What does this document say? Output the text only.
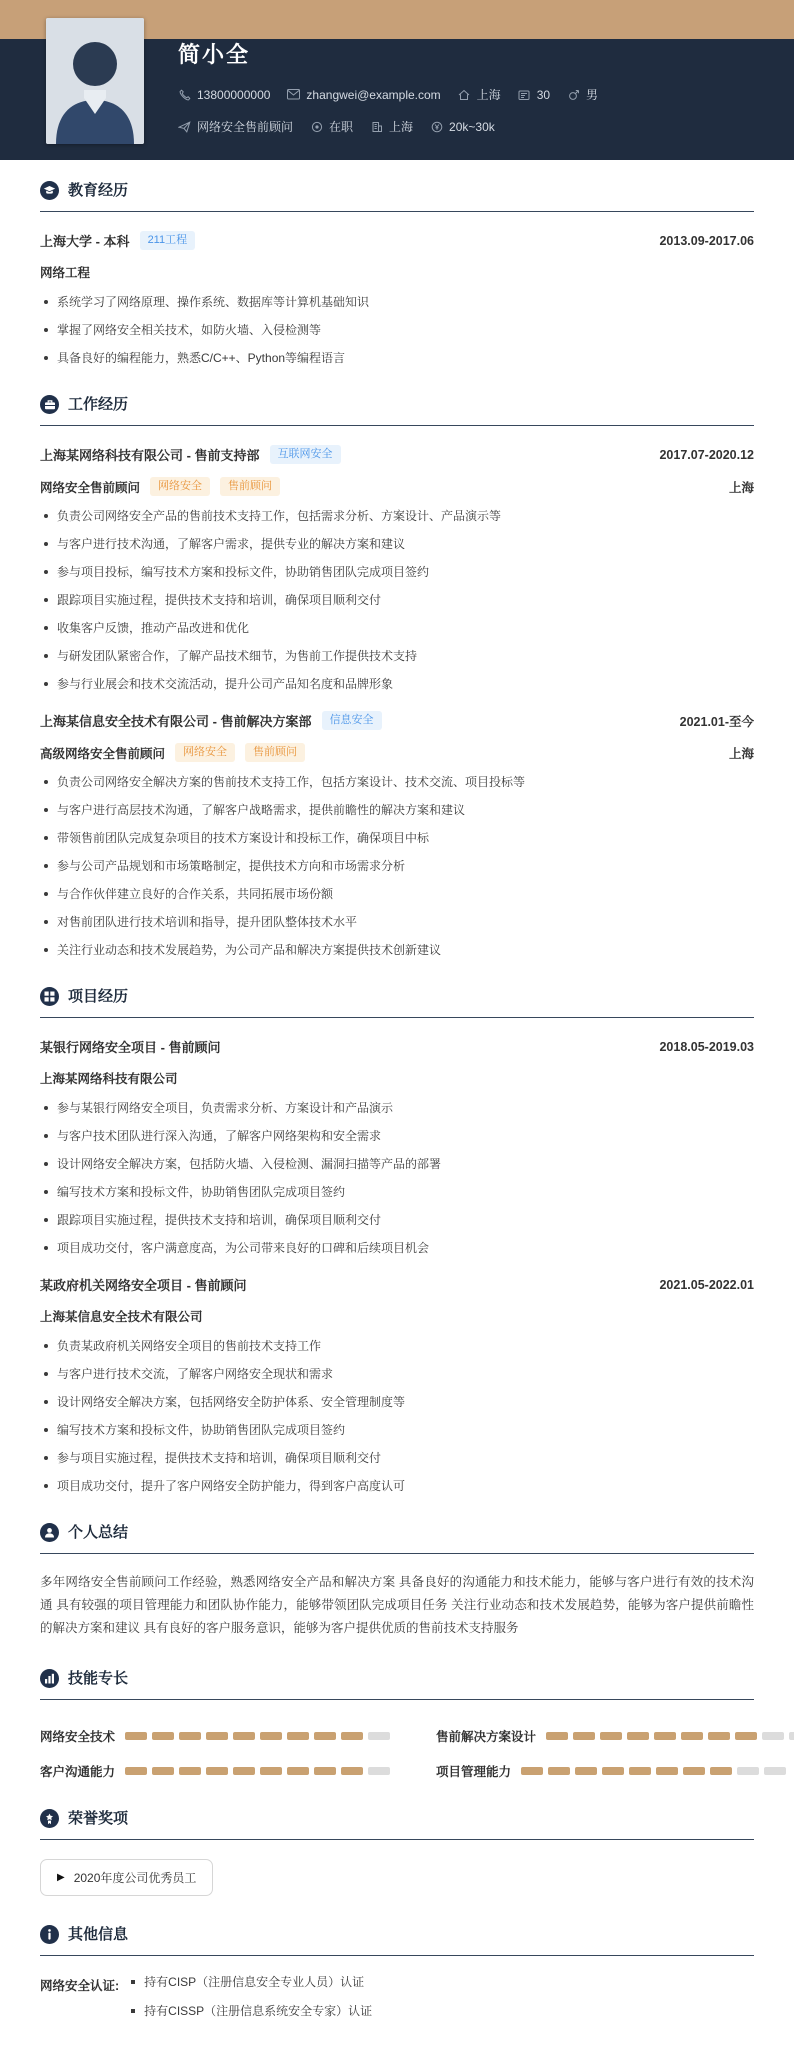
简小全
13800000000	zhangwei@example.com	上海	30	男
网络安全售前顾问	在职	上海	20k~30k
教育经历
上海大学 - 本科	211工程	2013.09-2017.06
网络工程
系统学习了网络原理、操作系统、数据库等计算机基础知识
掌握了网络安全相关技术，如防火墙、入侵检测等
具备良好的编程能力，熟悉C/C++、Python等编程语言
工作经历
上海某网络科技有限公司 - 售前支持部	互联网安全	2017.07-2020.12
网络安全售前顾问	网络安全	售前顾问	上海
负责公司网络安全产品的售前技术支持工作，包括需求分析、方案设计、产品演示等
与客户进行技术沟通，了解客户需求，提供专业的解决方案和建议
参与项目投标，编写技术方案和投标文件，协助销售团队完成项目签约
跟踪项目实施过程，提供技术支持和培训，确保项目顺利交付
收集客户反馈，推动产品改进和优化
与研发团队紧密合作，了解产品技术细节，为售前工作提供技术支持
参与行业展会和技术交流活动，提升公司产品知名度和品牌形象
上海某信息安全技术有限公司 - 售前解决方案部	信息安全	2021.01-至今
高级网络安全售前顾问	网络安全	售前顾问	上海
负责公司网络安全解决方案的售前技术支持工作，包括方案设计、技术交流、项目投标等
与客户进行高层技术沟通，了解客户战略需求，提供前瞻性的解决方案和建议
带领售前团队完成复杂项目的技术方案设计和投标工作，确保项目中标
参与公司产品规划和市场策略制定，提供技术方向和市场需求分析
与合作伙伴建立良好的合作关系，共同拓展市场份额
对售前团队进行技术培训和指导，提升团队整体技术水平
关注行业动态和技术发展趋势，为公司产品和解决方案提供技术创新建议
项目经历
某银行网络安全项目 - 售前顾问	2018.05-2019.03
上海某网络科技有限公司
参与某银行网络安全项目，负责需求分析、方案设计和产品演示
与客户技术团队进行深入沟通，了解客户网络架构和安全需求
设计网络安全解决方案，包括防火墙、入侵检测、漏洞扫描等产品的部署
编写技术方案和投标文件，协助销售团队完成项目签约
跟踪项目实施过程，提供技术支持和培训，确保项目顺利交付
项目成功交付，客户满意度高，为公司带来良好的口碑和后续项目机会
某政府机关网络安全项目 - 售前顾问	2021.05-2022.01
上海某信息安全技术有限公司
负责某政府机关网络安全项目的售前技术支持工作
与客户进行技术交流，了解客户网络安全现状和需求
设计网络安全解决方案，包括网络安全防护体系、安全管理制度等
编写技术方案和投标文件，协助销售团队完成项目签约
参与项目实施过程，提供技术支持和培训，确保项目顺利交付
项目成功交付，提升了客户网络安全防护能力，得到客户高度认可
个人总结

多年网络安全售前顾问工作经验，熟悉网络安全产品和解决方案 具备良好的沟通能力和技术能力，能够与客户进行有效的技术沟通 具有较强的项目管理能力和团队协作能力，能够带领团队完成项目任务 关注行业动态和技术发展趋势，能够为客户提供前瞻性的解决方案和建议 具有良好的客户服务意识，能够为客户提供优质的售前技术支持服务

技能专长
网络安全技术	售前解决方案设计
客户沟通能力	项目管理能力
荣誉奖项
▶ 2020年度公司优秀员工
其他信息
网络安全认证: 持有CISP（注册信息安全专业人员）认证
持有CISSP（注册信息系统安全专家）认证
